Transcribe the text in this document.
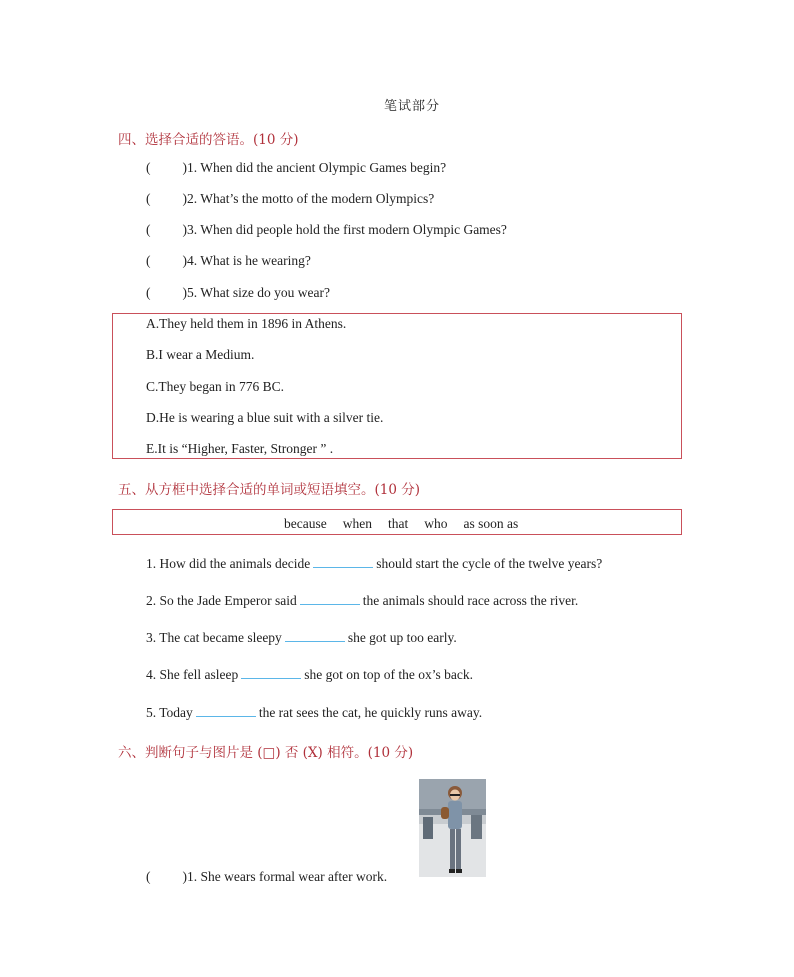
笔试部分
四、选择合适的答语。(10 分)
( )1. When did the ancient Olympic Games begin?
( )2. What’s the motto of the modern Olympics?
( )3. When did people hold the first modern Olympic Games?
( )4. What is he wearing?
( )5. What size do you wear?
A.They held them in 1896 in Athens.
B.I wear a Medium.
C.They began in 776 BC.
D.He is wearing a blue suit with a silver tie.
E.It is “Higher, Faster, Stronger ” .
五、从方框中选择合适的单词或短语填空。(10 分)
because when that who as soon as
1. How did the animals decide	should start the cycle of the twelve years?
2. So the Jade Emperor said	the animals should race across the river.
3. The cat became sleepy	she got up too early.
4. She fell asleep	she got on top of the ox’s back.
5. Today	the rat sees the cat, he quickly runs away.
六、判断句子与图片是 (□) 否 (X) 相符。(10 分)
( )1. She wears formal wear after work.
